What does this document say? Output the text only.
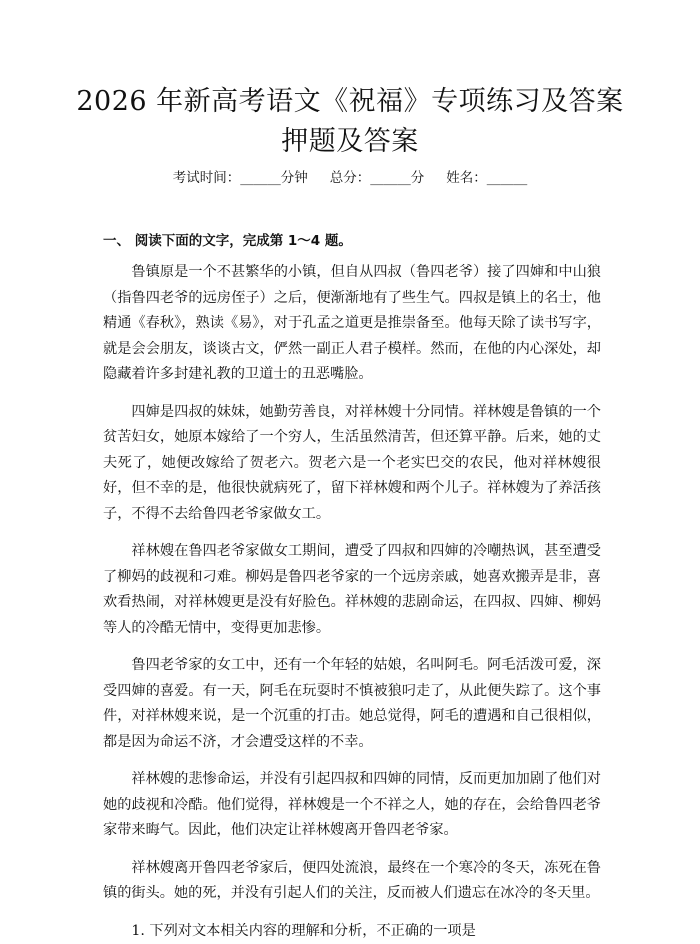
2026 年新高考语文《祝福》专项练习及答案
押题及答案
考试时间：______分钟 总分：______分 姓名：______
一、 阅读下面的文字，完成第 1～4 题。

鲁镇原是一个不甚繁华的小镇，但自从四叔（鲁四老爷）接了四婶和中山狼（指鲁四老爷的远房侄子）之后，便渐渐地有了些生气。四叔是镇上的名士，他精通《春秋》，熟读《易》，对于孔孟之道更是推崇备至。他每天除了读书写字，就是会会朋友，谈谈古文，俨然一副正人君子模样。然而，在他的内心深处，却隐藏着许多封建礼教的卫道士的丑恶嘴脸。

四婶是四叔的妹妹，她勤劳善良，对祥林嫂十分同情。祥林嫂是鲁镇的一个贫苦妇女，她原本嫁给了一个穷人，生活虽然清苦，但还算平静。后来，她的丈夫死了，她便改嫁给了贺老六。贺老六是一个老实巴交的农民，他对祥林嫂很好，但不幸的是，他很快就病死了，留下祥林嫂和两个儿子。祥林嫂为了养活孩子，不得不去给鲁四老爷家做女工。

祥林嫂在鲁四老爷家做女工期间，遭受了四叔和四婶的冷嘲热讽，甚至遭受了柳妈的歧视和刁难。柳妈是鲁四老爷家的一个远房亲戚，她喜欢搬弄是非，喜欢看热闹，对祥林嫂更是没有好脸色。祥林嫂的悲剧命运，在四叔、四婶、柳妈等人的冷酷无情中，变得更加悲惨。

鲁四老爷家的女工中，还有一个年轻的姑娘，名叫阿毛。阿毛活泼可爱，深受四婶的喜爱。有一天，阿毛在玩耍时不慎被狼叼走了，从此便失踪了。这个事件，对祥林嫂来说，是一个沉重的打击。她总觉得，阿毛的遭遇和自己很相似，都是因为命运不济，才会遭受这样的不幸。

祥林嫂的悲惨命运，并没有引起四叔和四婶的同情，反而更加加剧了他们对她的歧视和冷酷。他们觉得，祥林嫂是一个不祥之人，她的存在，会给鲁四老爷家带来晦气。因此，他们决定让祥林嫂离开鲁四老爷家。

祥林嫂离开鲁四老爷家后，便四处流浪，最终在一个寒冷的冬天，冻死在鲁镇的街头。她的死，并没有引起人们的关注，反而被人们遗忘在冰冷的冬天里。

1. 下列对文本相关内容的理解和分析，不正确的一项是
